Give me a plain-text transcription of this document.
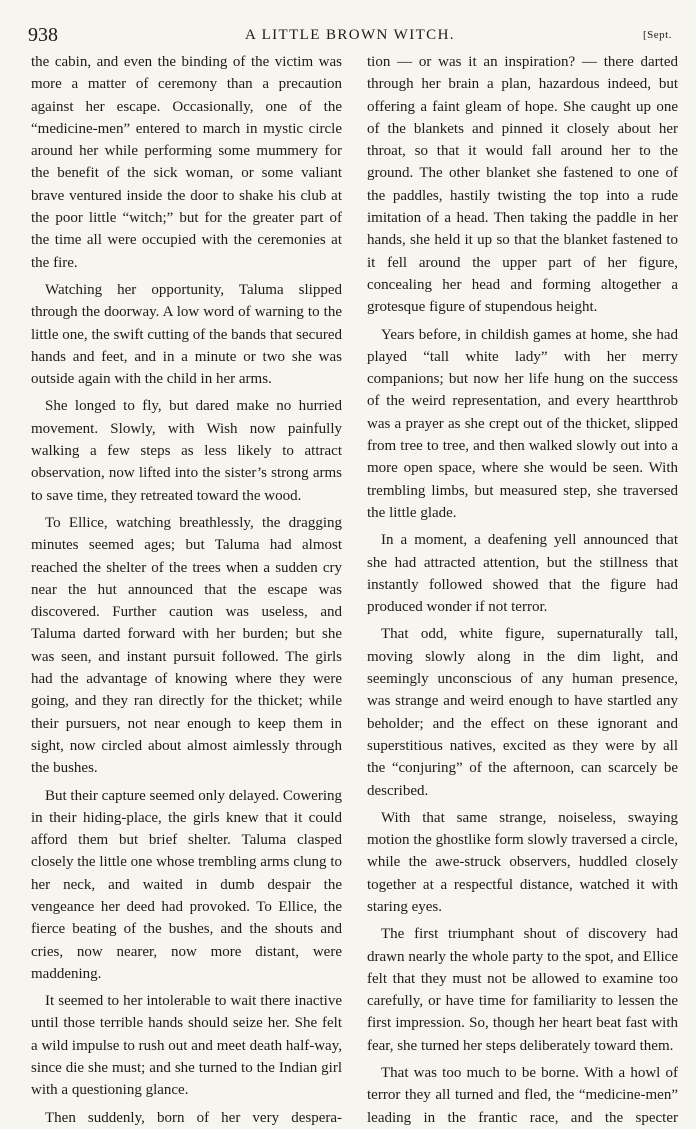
938	A LITTLE BROWN WITCH.	[Sept.

the cabin, and even the binding of the victim was more a matter of ceremony than a precaution against her escape. Occasionally, one of the “medicine-men” entered to march in mystic circle around her while performing some mummery for the benefit of the sick woman, or some valiant brave ventured inside the door to shake his club at the poor little “witch;” but for the greater part of the time all were occupied with the ceremonies at the fire.

Watching her opportunity, Taluma slipped through the doorway. A low word of warning to the little one, the swift cutting of the bands that secured hands and feet, and in a minute or two she was outside again with the child in her arms.

She longed to fly, but dared make no hurried movement. Slowly, with Wish now painfully walking a few steps as less likely to attract observation, now lifted into the sister’s strong arms to save time, they retreated toward the wood.

To Ellice, watching breathlessly, the dragging minutes seemed ages; but Taluma had almost reached the shelter of the trees when a sudden cry near the hut announced that the escape was discovered. Further caution was useless, and Taluma darted forward with her burden; but she was seen, and instant pursuit followed. The girls had the advantage of knowing where they were going, and they ran directly for the thicket; while their pursuers, not near enough to keep them in sight, now circled about almost aimlessly through the bushes.

But their capture seemed only delayed. Cowering in their hiding-place, the girls knew that it could afford them but brief shelter. Taluma clasped closely the little one whose trembling arms clung to her neck, and waited in dumb despair the vengeance her deed had provoked. To Ellice, the fierce beating of the bushes, and the shouts and cries, now nearer, now more distant, were maddening.

It seemed to her intolerable to wait there inactive until those terrible hands should seize her. She felt a wild impulse to rush out and meet death half-way, since die she must; and she turned to the Indian girl with a questioning glance.

Then suddenly, born of her very despera-

tion — or was it an inspiration? — there darted through her brain a plan, hazardous indeed, but offering a faint gleam of hope. She caught up one of the blankets and pinned it closely about her throat, so that it would fall around her to the ground. The other blanket she fastened to one of the paddles, hastily twisting the top into a rude imitation of a head. Then taking the paddle in her hands, she held it up so that the blanket fastened to it fell around the upper part of her figure, concealing her head and forming altogether a grotesque figure of stupendous height.

Years before, in childish games at home, she had played “tall white lady” with her merry companions; but now her life hung on the success of the weird representation, and every heartthrob was a prayer as she crept out of the thicket, slipped from tree to tree, and then walked slowly out into a more open space, where she would be seen. With trembling limbs, but measured step, she traversed the little glade.

In a moment, a deafening yell announced that she had attracted attention, but the stillness that instantly followed showed that the figure had produced wonder if not terror.

That odd, white figure, supernaturally tall, moving slowly along in the dim light, and seemingly unconscious of any human presence, was strange and weird enough to have startled any beholder; and the effect on these ignorant and superstitious natives, excited as they were by all the “conjuring” of the afternoon, can scarcely be described.

With that same strange, noiseless, swaying motion the ghostlike form slowly traversed a circle, while the awe-struck observers, huddled closely together at a respectful distance, watched it with staring eyes.

The first triumphant shout of discovery had drawn nearly the whole party to the spot, and Ellice felt that they must not be allowed to examine too carefully, or have time for familiarity to lessen the first impression. So, though her heart beat fast with fear, she turned her steps deliberately toward them.

That was too much to be borne. With a howl of terror they all turned and fled, the “medicine-men” leading in the frantic race, and the specter
